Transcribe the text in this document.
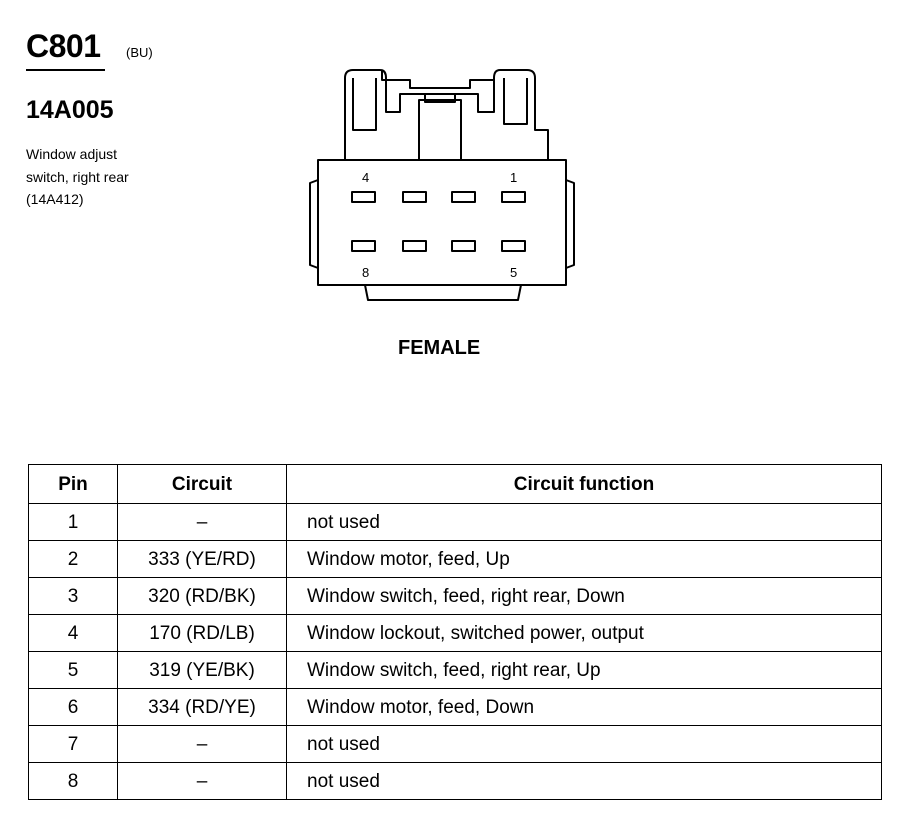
C801 (BU)
14A005
Window adjust
switch, right rear
(14A412)
4	1
8	5
FEMALE
Pin	Circuit	Circuit function
1	–	not used
2	333 (YE/RD)	Window motor, feed, Up
3	320 (RD/BK)	Window switch, feed, right rear, Down
4	170 (RD/LB)	Window lockout, switched power, output
5	319 (YE/BK)	Window switch, feed, right rear, Up
6	334 (RD/YE)	Window motor, feed, Down
7	–	not used
8	–	not used
